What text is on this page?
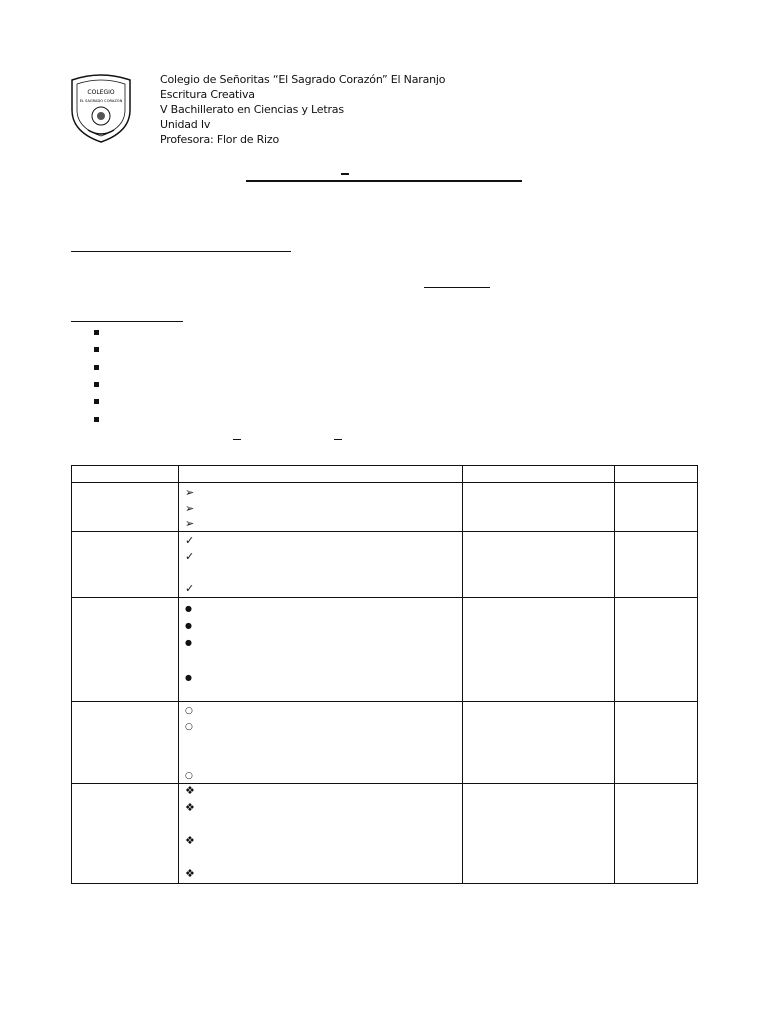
COLEGIO
EL SAGRADO CORAZÓN
Colegio de Señoritas “El Sagrado Corazón” El Naranjo
Escritura Creativa
V Bachillerato en Ciencias y Letras
Unidad Iv
Profesora: Flor de Rizo

	➢
➢
➢		

	✓
✓
✓		

	●
●
●
●		

	○
○
○		

	❖
❖
❖
❖		
